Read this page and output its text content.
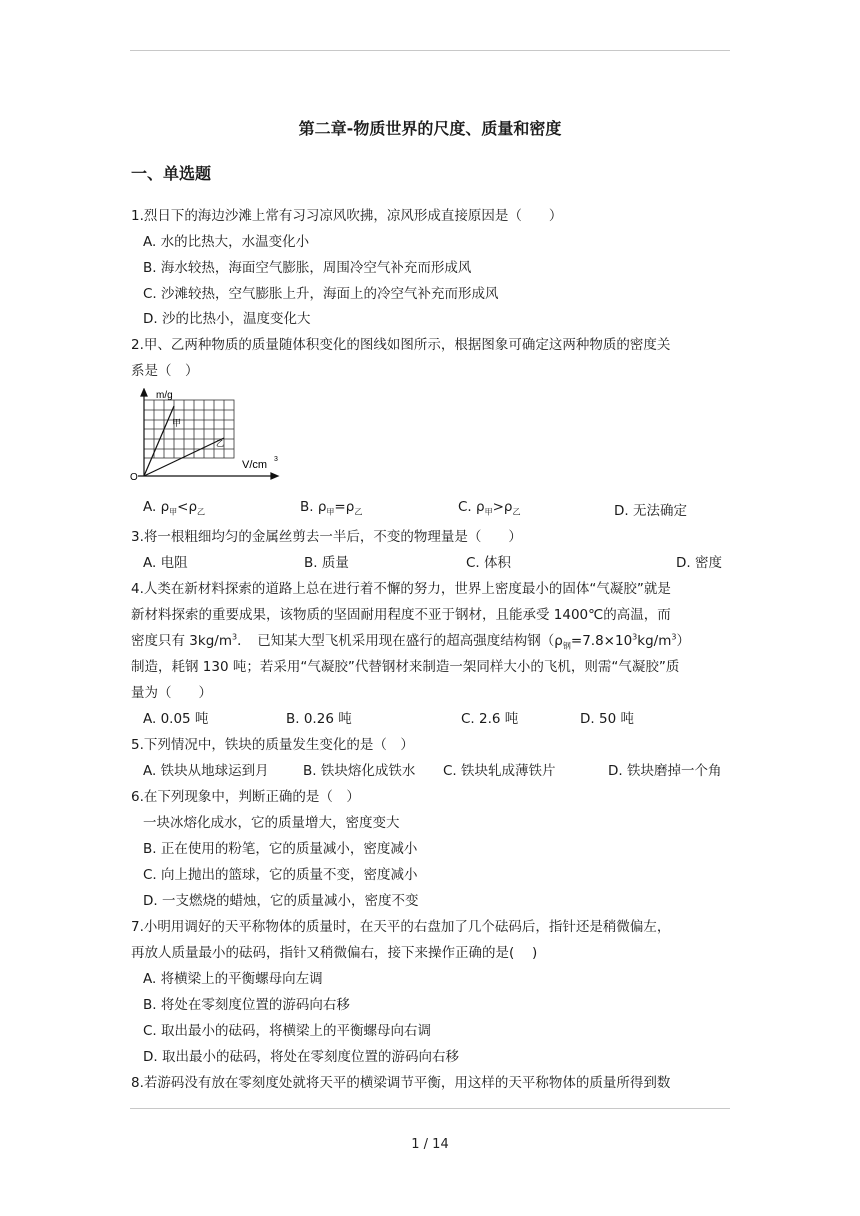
第二章-物质世界的尺度、质量和密度
一、单选题
1.烈日下的海边沙滩上常有习习凉风吹拂，凉风形成直接原因是（　　）
A. 水的比热大，水温变化小
B. 海水较热，海面空气膨胀，周围冷空气补充而形成风
C. 沙滩较热，空气膨胀上升，海面上的冷空气补充而形成风
D. 沙的比热小，温度变化大
2.甲、乙两种物质的质量随体积变化的图线如图所示，根据图象可确定这两种物质的密度关
系是（　）
m/g
甲
乙
V/cm 3
O
A. $\rho_甲<\rho_乙$	B. $\rho_甲=\rho_乙$	C. $\rho_甲>\rho_乙$	D. 无法确定
3.将一根粗细均匀的金属丝剪去一半后，不变的物理量是（　　）
A. 电阻	B. 质量	C. 体积	D. 密度
4.人类在新材料探索的道路上总在进行着不懈的努力，世界上密度最小的固体“气凝胶”就是
新材料探索的重要成果，该物质的坚固耐用程度不亚于钢材，且能承受 1400℃的高温，而
密度只有 $3kg/m^3$．　已知某大型飞机采用现在盛行的超高强度结构钢$(\rho_钢=7.8\times 10^3kg/m^3)$
制造，耗钢 130 吨；若采用“气凝胶”代替钢材来制造一架同样大小的飞机，则需“气凝胶”质
量为（　　）
A. 0.05 吨	B. 0.26 吨	C. 2.6 吨	D. 50 吨
5.下列情况中，铁块的质量发生变化的是（　）
A. 铁块从地球运到月	B. 铁块熔化成铁水 C. 铁块轧成薄铁片	D. 铁块磨掉一个角
6.在下列现象中，判断正确的是（　）
一块冰熔化成水，它的质量增大，密度变大
B. 正在使用的粉笔，它的质量减小，密度减小
C. 向上抛出的篮球，它的质量不变，密度减小
D. 一支燃烧的蜡烛，它的质量减小，密度不变
7.小明用调好的天平称物体的质量时，在天平的右盘加了几个砝码后，指针还是稍微偏左，
再放人质量最小的砝码，指针又稍微偏右，接下来操作正确的是(　 )
A. 将横梁上的平衡螺母向左调
B. 将处在零刻度位置的游码向右移
C. 取出最小的砝码，将横梁上的平衡螺母向右调
D. 取出最小的砝码，将处在零刻度位置的游码向右移
8.若游码没有放在零刻度处就将天平的横梁调节平衡，用这样的天平称物体的质量所得到数
1 / 14
